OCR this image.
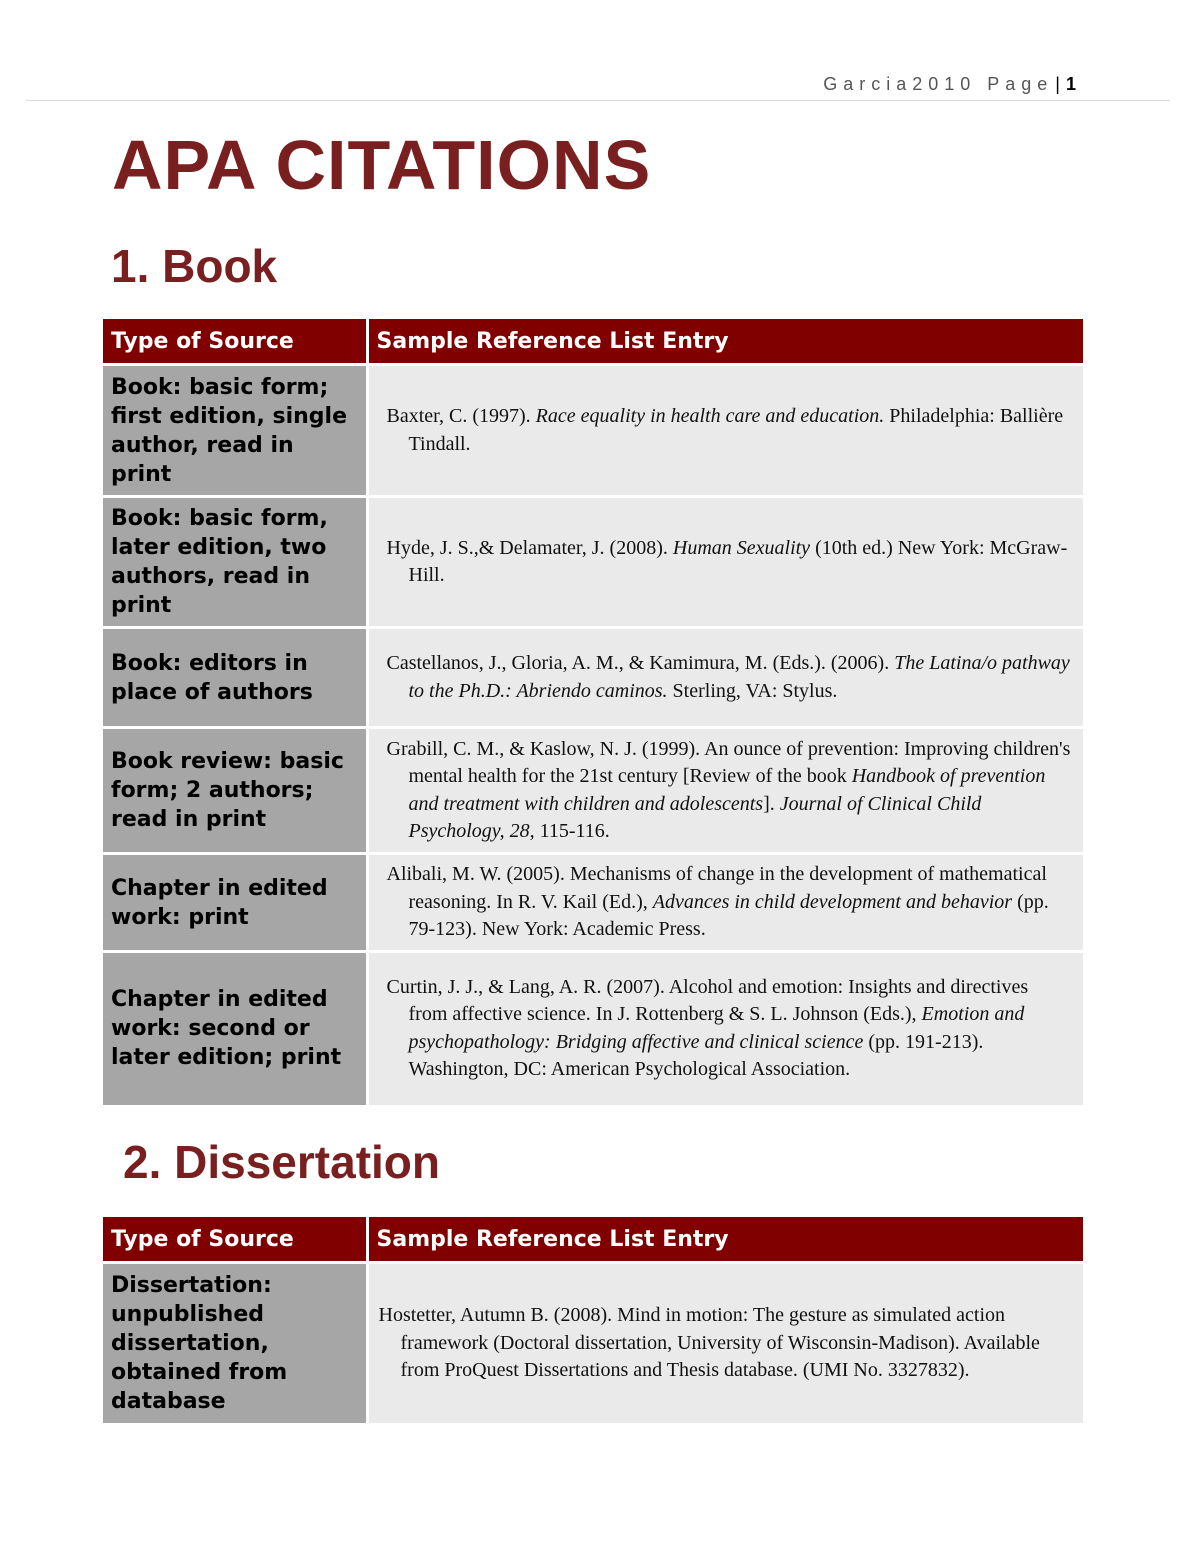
Garcia2010 Page | 1
APA CITATIONS
1. Book
Type of Source	Sample Reference List Entry
Book: basic form; first edition, single author, read in print	Baxter, C. (1997). Race equality in health care and education. Philadelphia: Ballière Tindall.

Book: basic form, later edition, two authors, read in print	Hyde, J. S.,& Delamater, J. (2008). Human Sexuality (10th ed.) New York: McGraw-Hill.

Book: editors in place of authors	Castellanos, J., Gloria, A. M., & Kamimura, M. (Eds.). (2006). The Latina/o pathway to the Ph.D.: Abriendo caminos. Sterling, VA: Stylus.

Book review: basic form; 2 authors; read in print	Grabill, C. M., & Kaslow, N. J. (1999). An ounce of prevention: Improving children's mental health for the 21st century [Review of the book Handbook of prevention and treatment with children and adolescents]. Journal of Clinical Child Psychology, 28, 115-116.

Chapter in edited work: print	Alibali, M. W. (2005). Mechanisms of change in the development of mathematical reasoning. In R. V. Kail (Ed.), Advances in child development and behavior (pp. 79-123). New York: Academic Press.

Chapter in edited work: second or later edition; print	Curtin, J. J., & Lang, A. R. (2007). Alcohol and emotion: Insights and directives from affective science. In J. Rottenberg & S. L. Johnson (Eds.), Emotion and psychopathology: Bridging affective and clinical science (pp. 191-213). Washington, DC: American Psychological Association.

2. Dissertation
Type of Source	Sample Reference List Entry
Dissertation: unpublished dissertation, obtained from database	Hostetter, Autumn B. (2008). Mind in motion: The gesture as simulated action framework (Doctoral dissertation, University of Wisconsin-Madison). Available from ProQuest Dissertations and Thesis database. (UMI No. 3327832).
